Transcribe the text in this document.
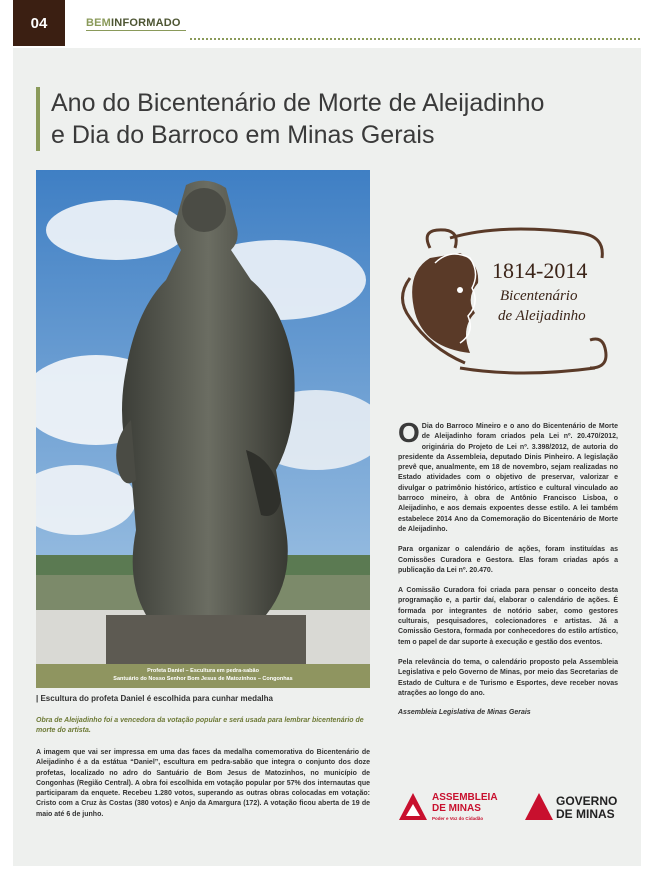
04	BEMINFORMADO
Ano do Bicentenário de Morte de Aleijadinho
e Dia do Barroco em Minas Gerais
Profeta Daniel – Escultura em pedra-sabão
Santuário do Nosso Senhor Bom Jesus de Matozinhos – Congonhas
| Escultura do profeta Daniel é escolhida para cunhar medalha
Obra de Aleijadinho foi a vencedora da votação popular e será usada para lembrar bicentenário de morte do artista.
A imagem que vai ser impressa em uma das faces da medalha comemorativa do Bicentenário de Aleijadinho é a da estátua “Daniel”, escultura em pedra-sabão que integra o conjunto dos doze profetas, localizado no adro do Santuário de Bom Jesus de Matozinhos, no município de Congonhas (Região Central). A obra foi escolhida em votação popular por 57% dos internautas que participaram da enquete. Recebeu 1.280 votos, superando as outras obras colocadas em votação: Cristo com a Cruz às Costas (380 votos) e Anjo da Amargura (172). A votação ficou aberta de 19 de maio até 6 de junho.
1814-2014
Bicentenário
de Aleijadinho

O Dia do Barroco Mineiro e o ano do Bicentenário de Morte de Aleijadinho foram criados pela Lei nº. 20.470/2012, originária do Projeto de Lei nº. 3.398/2012, de autoria do presidente da Assembleia, deputado Dinis Pinheiro. A legislação prevê que, anualmente, em 18 de novembro, sejam realizadas no Estado atividades com o objetivo de preservar, valorizar e divulgar o patrimônio histórico, artístico e cultural vinculado ao barroco mineiro, à obra de Antônio Francisco Lisboa, o Aleijadinho, e aos demais expoentes desse estilo. A lei também estabelece 2014 Ano da Comemoração do Bicentenário de Morte de Aleijadinho.

Para organizar o calendário de ações, foram instituídas as Comissões Curadora e Gestora. Elas foram criadas após a publicação da Lei nº. 20.470.

A Comissão Curadora foi criada para pensar o conceito desta programação e, a partir daí, elaborar o calendário de ações. É formada por integrantes de notório saber, como gestores culturais, pesquisadores, colecionadores e artistas. Já a Comissão Gestora, formada por conhecedores do estilo artístico, tem o papel de dar suporte à execução e gestão dos eventos.

Pela relevância do tema, o calendário proposto pela Assembleia Legislativa e pelo Governo de Minas, por meio das Secretarias de Estado de Cultura e de Turismo e Esportes, deve receber novas atrações ao longo do ano.

Assembleia Legislativa de Minas Gerais

ASSEMBLEIA
DE MINAS
Poder e Voz do Cidadão
GOVERNO
DE MINAS
